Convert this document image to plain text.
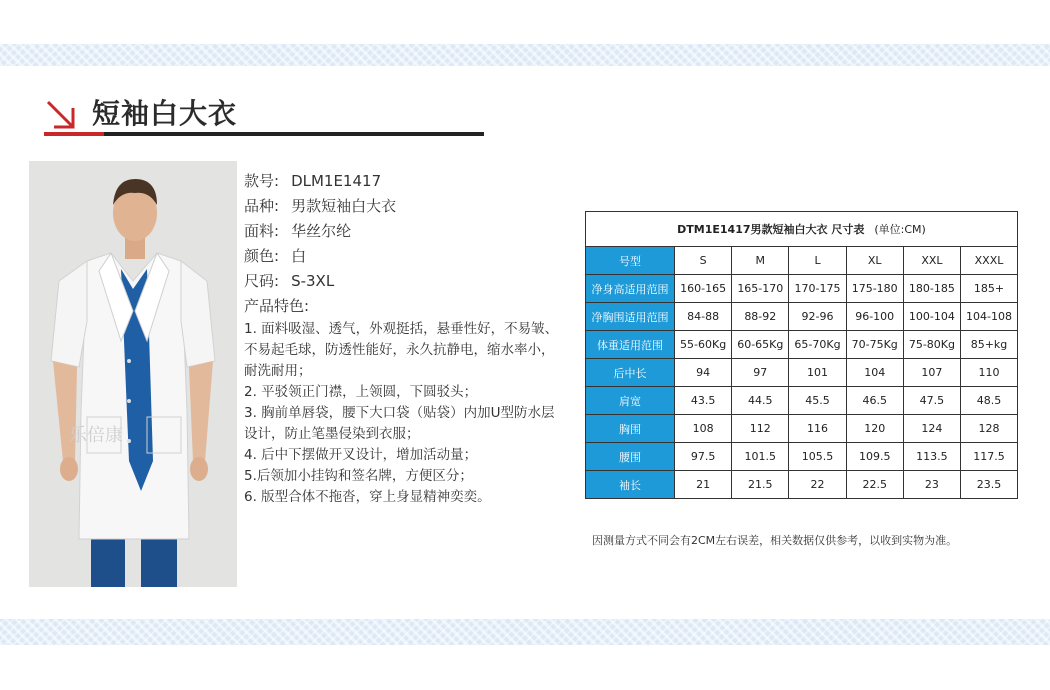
短袖白大衣
乐倍康
款号: DLM1E1417
品种: 男款短袖白大衣
面料: 华丝尔纶
颜色: 白
尺码: S-3XL
产品特色:
1. 面料吸湿、透气，外观挺括，悬垂性好，不易皱、
不易起毛球，防透性能好，永久抗静电，缩水率小，
耐洗耐用；
2. 平驳领正门襟，上领圆，下圆驳头；
3. 胸前单唇袋，腰下大口袋（贴袋）内加U型防水层
设计，防止笔墨侵染到衣服；
4. 后中下摆做开叉设计，增加活动量；
5.后领加小挂钩和签名牌，方便区分；
6. 版型合体不拖沓，穿上身显精神奕奕。
DTM1E1417男款短袖白大衣 尺寸表 (单位:CM)						
号型	S	M	L	XL	XXL	XXXL
净身高适用范围	160-165	165-170	170-175	175-180	180-185	185+
净胸围适用范围	84-88	88-92	92-96	96-100	100-104	104-108
体重适用范围	55-60Kg	60-65Kg	65-70Kg	70-75Kg	75-80Kg	85+kg
后中长	94	97	101	104	107	110
肩宽	43.5	44.5	45.5	46.5	47.5	48.5
胸围	108	112	116	120	124	128
腰围	97.5	101.5	105.5	109.5	113.5	117.5
袖长	21	21.5	22	22.5	23	23.5
因测量方式不同会有2CM左右误差，相关数据仅供参考，以收到实物为准。
